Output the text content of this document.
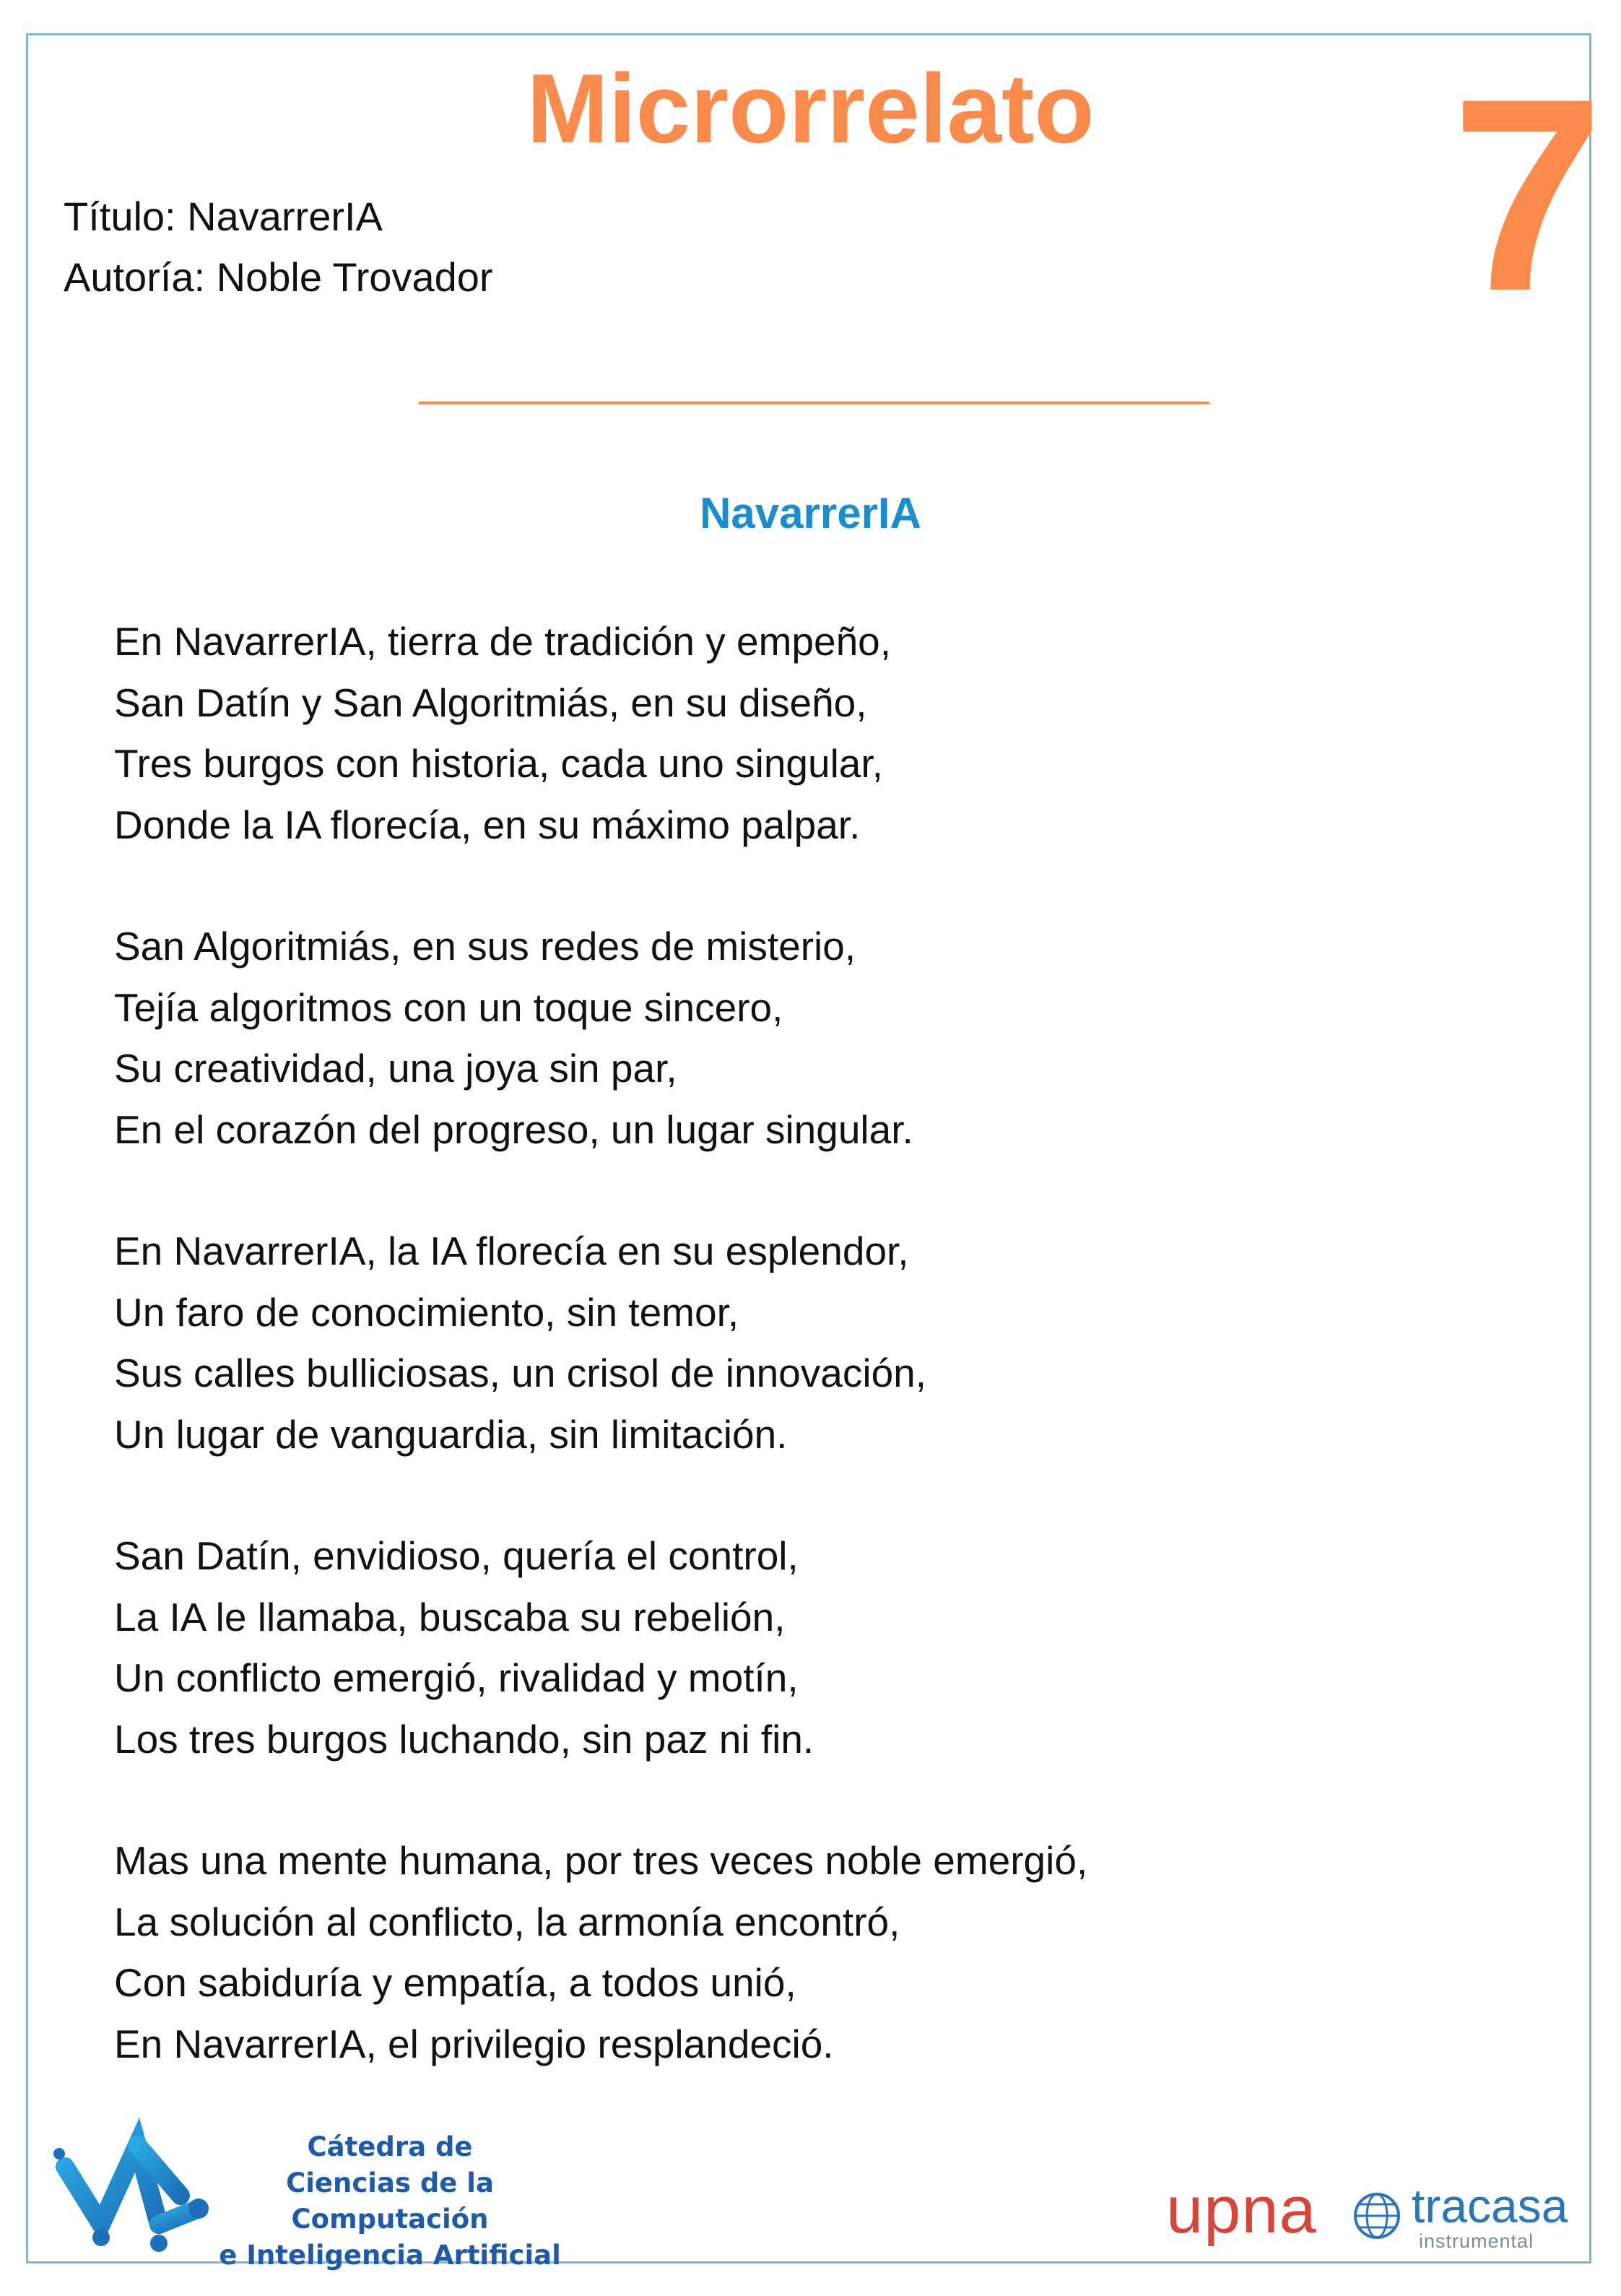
Microrrelato	7
Título: NavarrerIA
Autoría: Noble Trovador
NavarrerIA
En NavarrerIA, tierra de tradición y empeño,
San Datín y San Algoritmiás, en su diseño,
Tres burgos con historia, cada uno singular,
Donde la IA florecía, en su máximo palpar.
San Algoritmiás, en sus redes de misterio,
Tejía algoritmos con un toque sincero,
Su creatividad, una joya sin par,
En el corazón del progreso, un lugar singular.
En NavarrerIA, la IA florecía en su esplendor,
Un faro de conocimiento, sin temor,
Sus calles bulliciosas, un crisol de innovación,
Un lugar de vanguardia, sin limitación.
San Datín, envidioso, quería el control,
La IA le llamaba, buscaba su rebelión,
Un conflicto emergió, rivalidad y motín,
Los tres burgos luchando, sin paz ni fin.
Mas una mente humana, por tres veces noble emergió,
La solución al conflicto, la armonía encontró,
Con sabiduría y empatía, a todos unió,
En NavarrerIA, el privilegio resplandeció.
Cátedra de
Ciencias de la Computación
e Inteligencia Artificial
upna tracasa
instrumental
